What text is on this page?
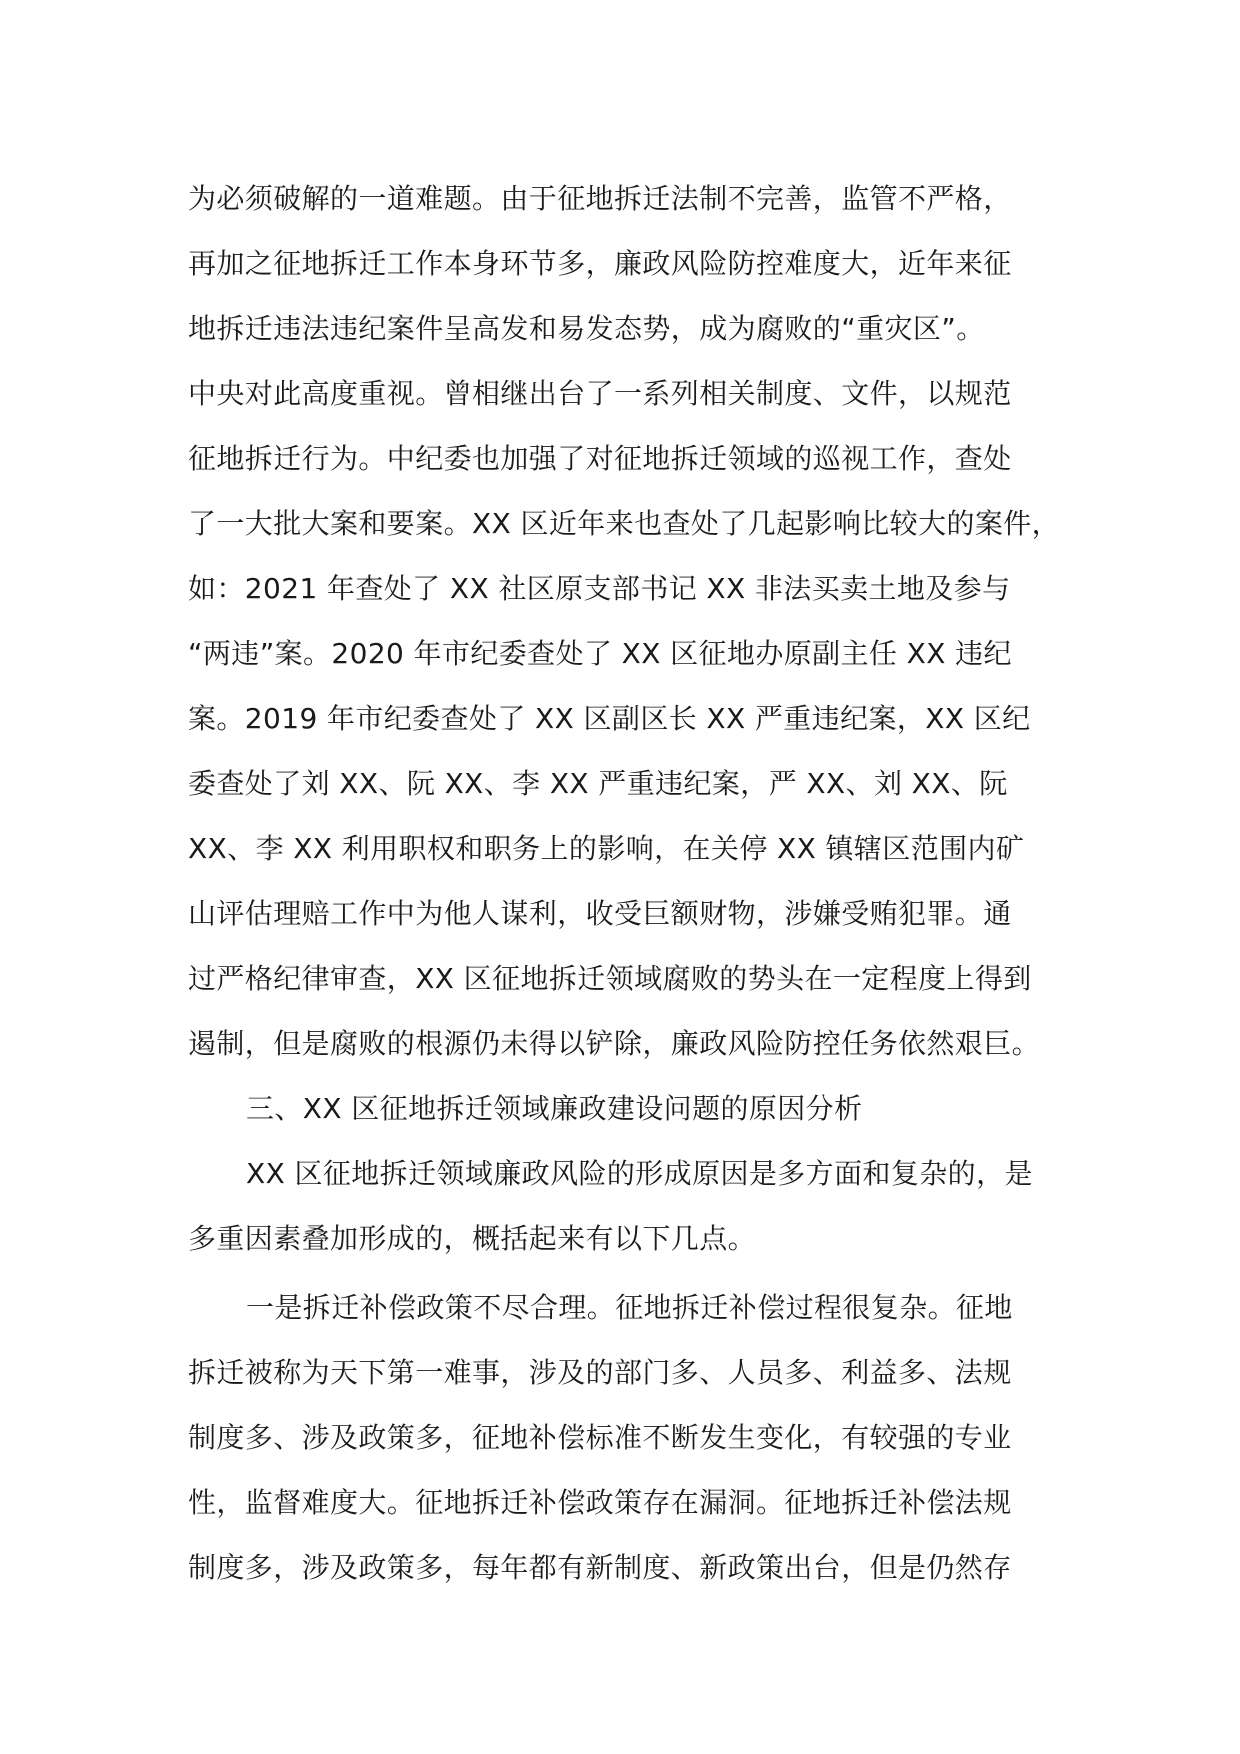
为必须破解的一道难题。由于征地拆迁法制不完善，监管不严格，
再加之征地拆迁工作本身环节多，廉政风险防控难度大，近年来征
地拆迁违法违纪案件呈高发和易发态势，成为腐败的“重灾区”。
中央对此高度重视。曾相继出台了一系列相关制度、文件，以规范
征地拆迁行为。中纪委也加强了对征地拆迁领域的巡视工作，查处
了一大批大案和要案。XX 区近年来也查处了几起影响比较大的案件，
如：2021 年查处了 XX 社区原支部书记 XX 非法买卖土地及参与
“两违”案。2020 年市纪委查处了 XX 区征地办原副主任 XX 违纪
案。2019 年市纪委查处了 XX 区副区长 XX 严重违纪案，XX 区纪
委查处了刘 XX、阮 XX、李 XX 严重违纪案，严 XX、刘 XX、阮
XX、李 XX 利用职权和职务上的影响，在关停 XX 镇辖区范围内矿
山评估理赔工作中为他人谋利，收受巨额财物，涉嫌受贿犯罪。通
过严格纪律审查，XX 区征地拆迁领域腐败的势头在一定程度上得到
遏制，但是腐败的根源仍未得以铲除，廉政风险防控任务依然艰巨。
三、XX 区征地拆迁领域廉政建设问题的原因分析
XX 区征地拆迁领域廉政风险的形成原因是多方面和复杂的，是
多重因素叠加形成的，概括起来有以下几点。
一是拆迁补偿政策不尽合理。征地拆迁补偿过程很复杂。征地
拆迁被称为天下第一难事，涉及的部门多、人员多、利益多、法规
制度多、涉及政策多，征地补偿标准不断发生变化，有较强的专业
性，监督难度大。征地拆迁补偿政策存在漏洞。征地拆迁补偿法规
制度多，涉及政策多，每年都有新制度、新政策出台，但是仍然存
